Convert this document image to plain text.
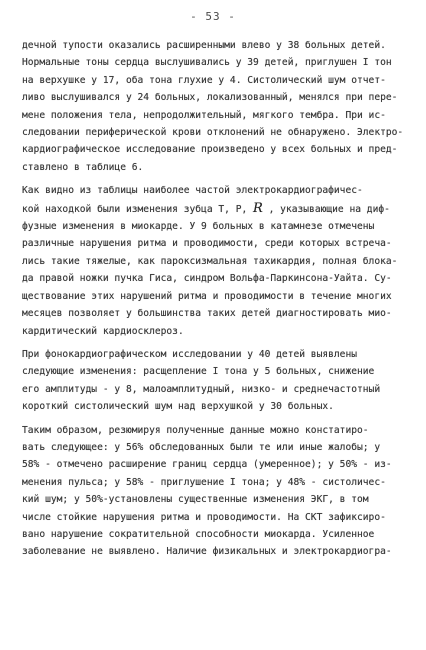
- 53 -
дечной тупости оказались расширенными влево у 38 больных детей.
Нормальные тоны сердца выслушивались у 39 детей, приглушен I тон
на верхушке у 17, оба тона глухие у 4. Систолический шум отчет-
ливо выслушивался у 24 больных, локализованный, менялся при пере-
мене положения тела, непродолжительный, мягкого тембра. При ис-
следовании периферической крови отклонений не обнаружено. Электро-
кардиографическое исследование произведено у всех больных и пред-
ставлено в таблице 6.
Как видно из таблицы наиболее частой электрокардиографичес-
кой находкой были изменения зубца Т, Р, R , указывающие на диф-
фузные изменения в миокарде. У 9 больных в катамнезе отмечены
различные нарушения ритма и проводимости, среди которых встреча-
лись такие тяжелые, как пароксизмальная тахикардия, полная блока-
да правой ножки пучка Гиса, синдром Вольфа-Паркинсона-Уайта. Су-
ществование этих нарушений ритма и проводимости в течение многих
месяцев позволяет у большинства таких детей диагностировать мио-
кардитический кардиосклероз.
При фонокардиографическом исследовании у 40 детей выявлены
следующие изменения: расщепление I тона у 5 больных, снижение
его амплитуды - у 8, малоамплитудный, низко- и среднечастотный
короткий систолический шум над верхушкой у 30 больных.
Таким образом, резюмируя полученные данные можно констатиро-
вать следующее: у 56% обследованных были те или иные жалобы; у
58% - отмечено расширение границ сердца (умеренное); у 50% - из-
менения пульса; у 58% - приглушение I тона; у 48% - систоличес-
кий шум; у 50%-установлены существенные изменения ЭКГ, в том
числе стойкие нарушения ритма и проводимости. На СКТ зафиксиро-
вано нарушение сократительной способности миокарда. Усиленное
заболевание не выявлено. Наличие физикальных и электрокардиогра-
